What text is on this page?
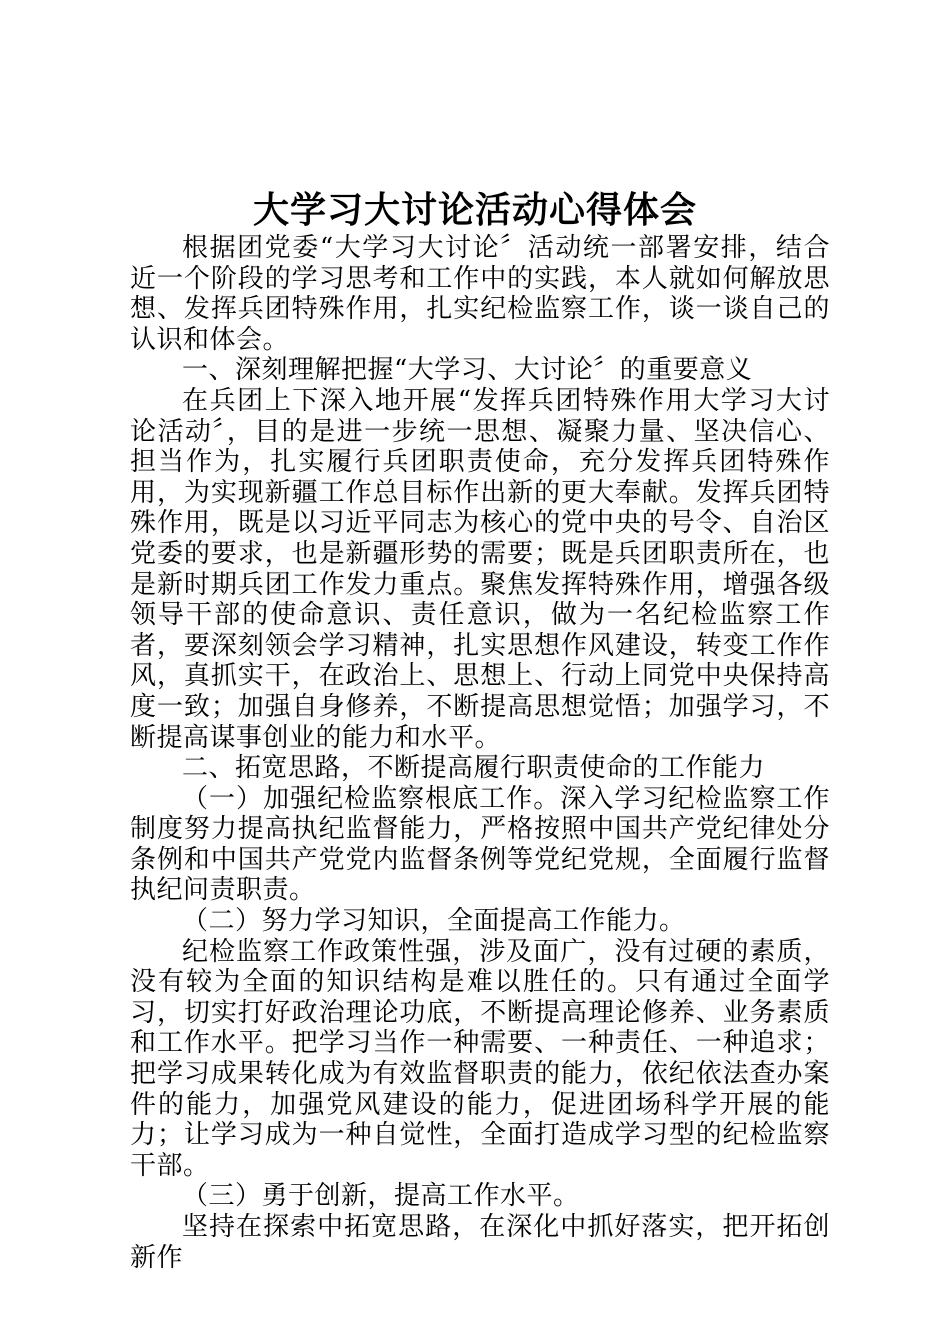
大学习大讨论活动心得体会

根据团党委“大学习大讨论〞活动统一部署安排，结合近一个阶段的学习思考和工作中的实践，本人就如何解放思想、发挥兵团特殊作用，扎实纪检监察工作，谈一谈自己的认识和体会。

一、深刻理解把握“大学习、大讨论〞的重要意义

在兵团上下深入地开展“发挥兵团特殊作用大学习大讨论活动〞，目的是进一步统一思想、凝聚力量、坚决信心、担当作为，扎实履行兵团职责使命，充分发挥兵团特殊作用，为实现新疆工作总目标作出新的更大奉献。发挥兵团特殊作用，既是以习近平同志为核心的党中央的号令、自治区党委的要求，也是新疆形势的需要；既是兵团职责所在，也是新时期兵团工作发力重点。聚焦发挥特殊作用，增强各级领导干部的使命意识、责任意识，做为一名纪检监察工作者，要深刻领会学习精神，扎实思想作风建设，转变工作作风，真抓实干，在政治上、思想上、行动上同党中央保持高度一致；加强自身修养，不断提高思想觉悟；加强学习，不断提高谋事创业的能力和水平。

二、拓宽思路，不断提高履行职责使命的工作能力

（一）加强纪检监察根底工作。深入学习纪检监察工作制度努力提高执纪监督能力，严格按照中国共产党纪律处分条例和中国共产党党内监督条例等党纪党规，全面履行监督执纪问责职责。

（二）努力学习知识，全面提高工作能力。

纪检监察工作政策性强，涉及面广，没有过硬的素质，没有较为全面的知识结构是难以胜任的。只有通过全面学习，切实打好政治理论功底，不断提高理论修养、业务素质和工作水平。把学习当作一种需要、一种责任、一种追求；把学习成果转化成为有效监督职责的能力，依纪依法查办案件的能力，加强党风建设的能力，促进团场科学开展的能力；让学习成为一种自觉性，全面打造成学习型的纪检监察干部。

（三）勇于创新，提高工作水平。

坚持在探索中拓宽思路，在深化中抓好落实，把开拓创新作
